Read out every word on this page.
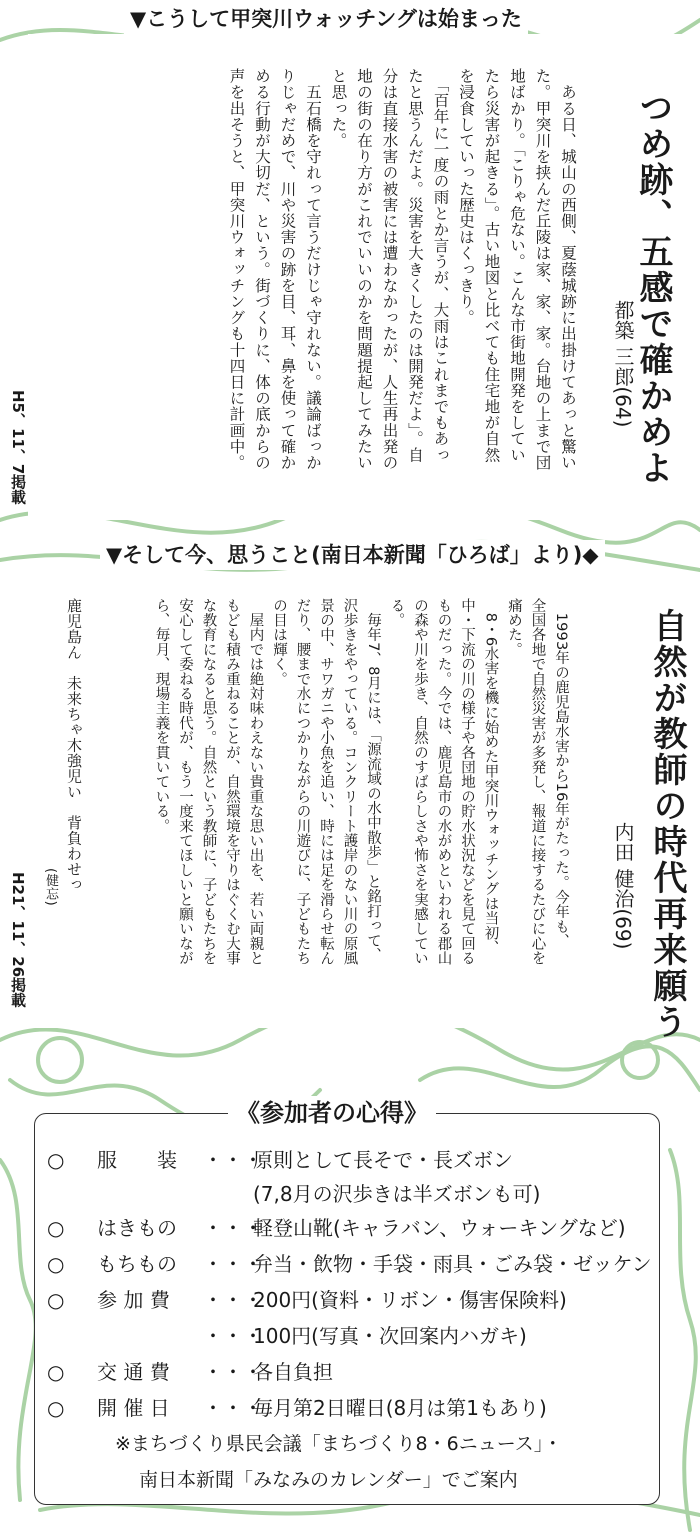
▼こうして甲突川ウォッチングは始まった
つめ跡、五感で確かめよ

都築 三郎(64)

　ある日、城山の西側、夏蔭城跡に出掛けてあっと驚い
た。甲突川を挟んだ丘陵は家、家、家。台地の上まで団
地ばかり。「こりゃ危ない。こんな市街地開発をしてい
たら災害が起きる」。古い地図と比べても住宅地が自然
を浸食していった歴史はくっきり。
　「百年に一度の雨とか言うが、大雨はこれまでもあっ
たと思うんだよ。災害を大きくしたのは開発だよ」。自
分は直接水害の被害には遭わなかったが、人生再出発の
地の街の在り方がこれでいいのかを問題提起してみたい
と思った。
　五石橋を守れって言うだけじゃ守れない。議論ばっか
りじゃだめで、川や災害の跡を目、耳、鼻を使って確か
める行動が大切だ、という。街づくりに、体の底からの
声を出そうと、甲突川ウォッチングも十四日に計画中。

H5、11、7掲載

▼そして今、思うこと(南日本新聞「ひろば」より)◆
自然が教師の時代再来願う

内田 健治(69)

　1993年の鹿児島水害から16年がたった。今年も、
全国各地で自然災害が多発し、報道に接するたびに心を
痛めた。
　8・6水害を機に始めた甲突川ウォッチングは当初、
中・下流の川の様子や各団地の貯水状況などを見て回る
ものだった。今では、鹿児島市の水がめといわれる郡山
の森や川を歩き、自然のすばらしさや怖さを実感してい
る。
　毎年7、8月には、「源流域の水中散歩」と銘打って、
沢歩きをやっている。コンクリート護岸のない川の原風
景の中、サワガニや小魚を追い、時には足を滑らせ転ん
だり、腰まで水につかりながらの川遊びに、子どもたち
の目は輝く。
　屋内では絶対味わえない貴重な思い出を、若い両親と
もども積み重ねることが、自然環境を守りはぐくむ大事
な教育になると思う。自然という教師に、子どもたちを
安心して委ねる時代が、もう一度来てほしいと願いなが
ら、毎月、現場主義を貫いている。
鹿児島ん　未来ちゃ木強児い　背負わせっ
(健忘)

H21、11、26掲載

《参加者の心得》
○ 服　　装 ・・・
原則として長そで・長ズボン
(7,8月の沢歩きは半ズボンも可)
○ はきもの ・・・
軽登山靴(キャラバン、ウォーキングなど)
○ もちもの ・・・
弁当・飲物・手袋・雨具・ごみ袋・ゼッケン
○ 参 加 費 ・・・
200円(資料・リボン・傷害保険料)
・・・
100円(写真・次回案内ハガキ)
○ 交 通 費 ・・・
各自負担
○ 開 催 日 ・・・
毎月第2日曜日(8月は第1もあり)
※まちづくり県民会議「まちづくり8・6ニュース」・
南日本新聞「みなみのカレンダー」でご案内
